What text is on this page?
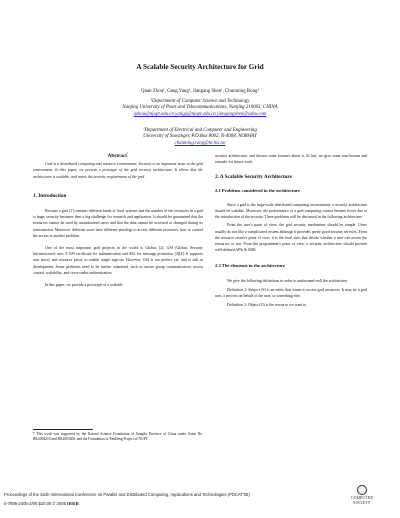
A Scalable Security Architecture for Grid
Quan Zhou¹, Geng Yang¹, Jiangang Shen¹, Chunming Rong²
¹Department of Computer Science and Technology
Nanjing University of Posts and Telecommunications, Nanjing 210003, CHINA
qzhou@njupt.edu.cn yangg@njupt.edu.cn jiangangshen@sohu.com
²Department of Electrical and Computer and Engineering
University of Stavanger, P.O.Box 8002, N-4068, NORWAY
chunming.rong@tn.his.no
Abstract*

Grid is a distributed computing and resource environment. Security is an important issue in the grid environment. In this paper, we present a prototype of the grid security architecture. It shows that the architecture is scalable, and meets the security requirements of the grid.

1. Introduction

Because a grid [1] contains different kinds of local systems and the number of the resources in a grid is huge, security becomes then a big challenge for research and application. It should be guaranteed that the resources cannot be used by unauthorized users and that the data cannot be accessed or changed during its transmission. Moreover, different users have different privilege to access different resources, how to control the access is another problem.

One of the most important grid projects in the world is Globus [2]. GSI (Globus Security Infrastructure) uses X.509 certificate for authentication and SSL for message protection [3][4]. It supports user proxy and resource proxy to enable single sign-on. However, GSI is not perfect yet, and is still in development. Some problems need to be further examined, such as secure group communication, access control, scalability, and cross-realm authentication.

In this paper, we provide a prototype of a scalable

* This work was supported by the Natural Science Foundation of JiangSu Province of China under Grant No. BK2004218 and BK2003206, and the Foundation of PanDeng Project of NUPT.
security architecture, and discuss some features about it. At last, we give some conclusions and remarks for future work.
2. A Scalable Security Architecture
2.1 Problems considered in the architecture

Since a grid is the large-scale distributed computing environment, a security architecture should be scalable. Moreover, the performance of a grid computing cannot become lower due to the introduction of the security. Three problems will be discussed in the following architecture.

From the user's point of view, the grid security mechanism should be simple. Users usually do not like a complicated system although it provides pretty good security services. From the resource owner's point of view, it is the local sites that decide whether a user can access the resources or not. From the programmer's point of view, a security architecture should provide well-defined APIs & SDK.

2.2 The elements in the architecture

We give the following definitions in order to understand well the architecture.

Definition 1: Subject (S) is an entity that wants to access grid resources. It may be a grid user, a process on behalf of the user, or something else.

Definition 2: Object (O) is the resource we want to

Proceedings of the Sixth International Conference on Parallel and Distributed Computing, Applications and Technologies (PDCAT'05)
0-7695-2405-2/05 $20.00 © 2005 IEEE
COMPUTER
SOCIETY
